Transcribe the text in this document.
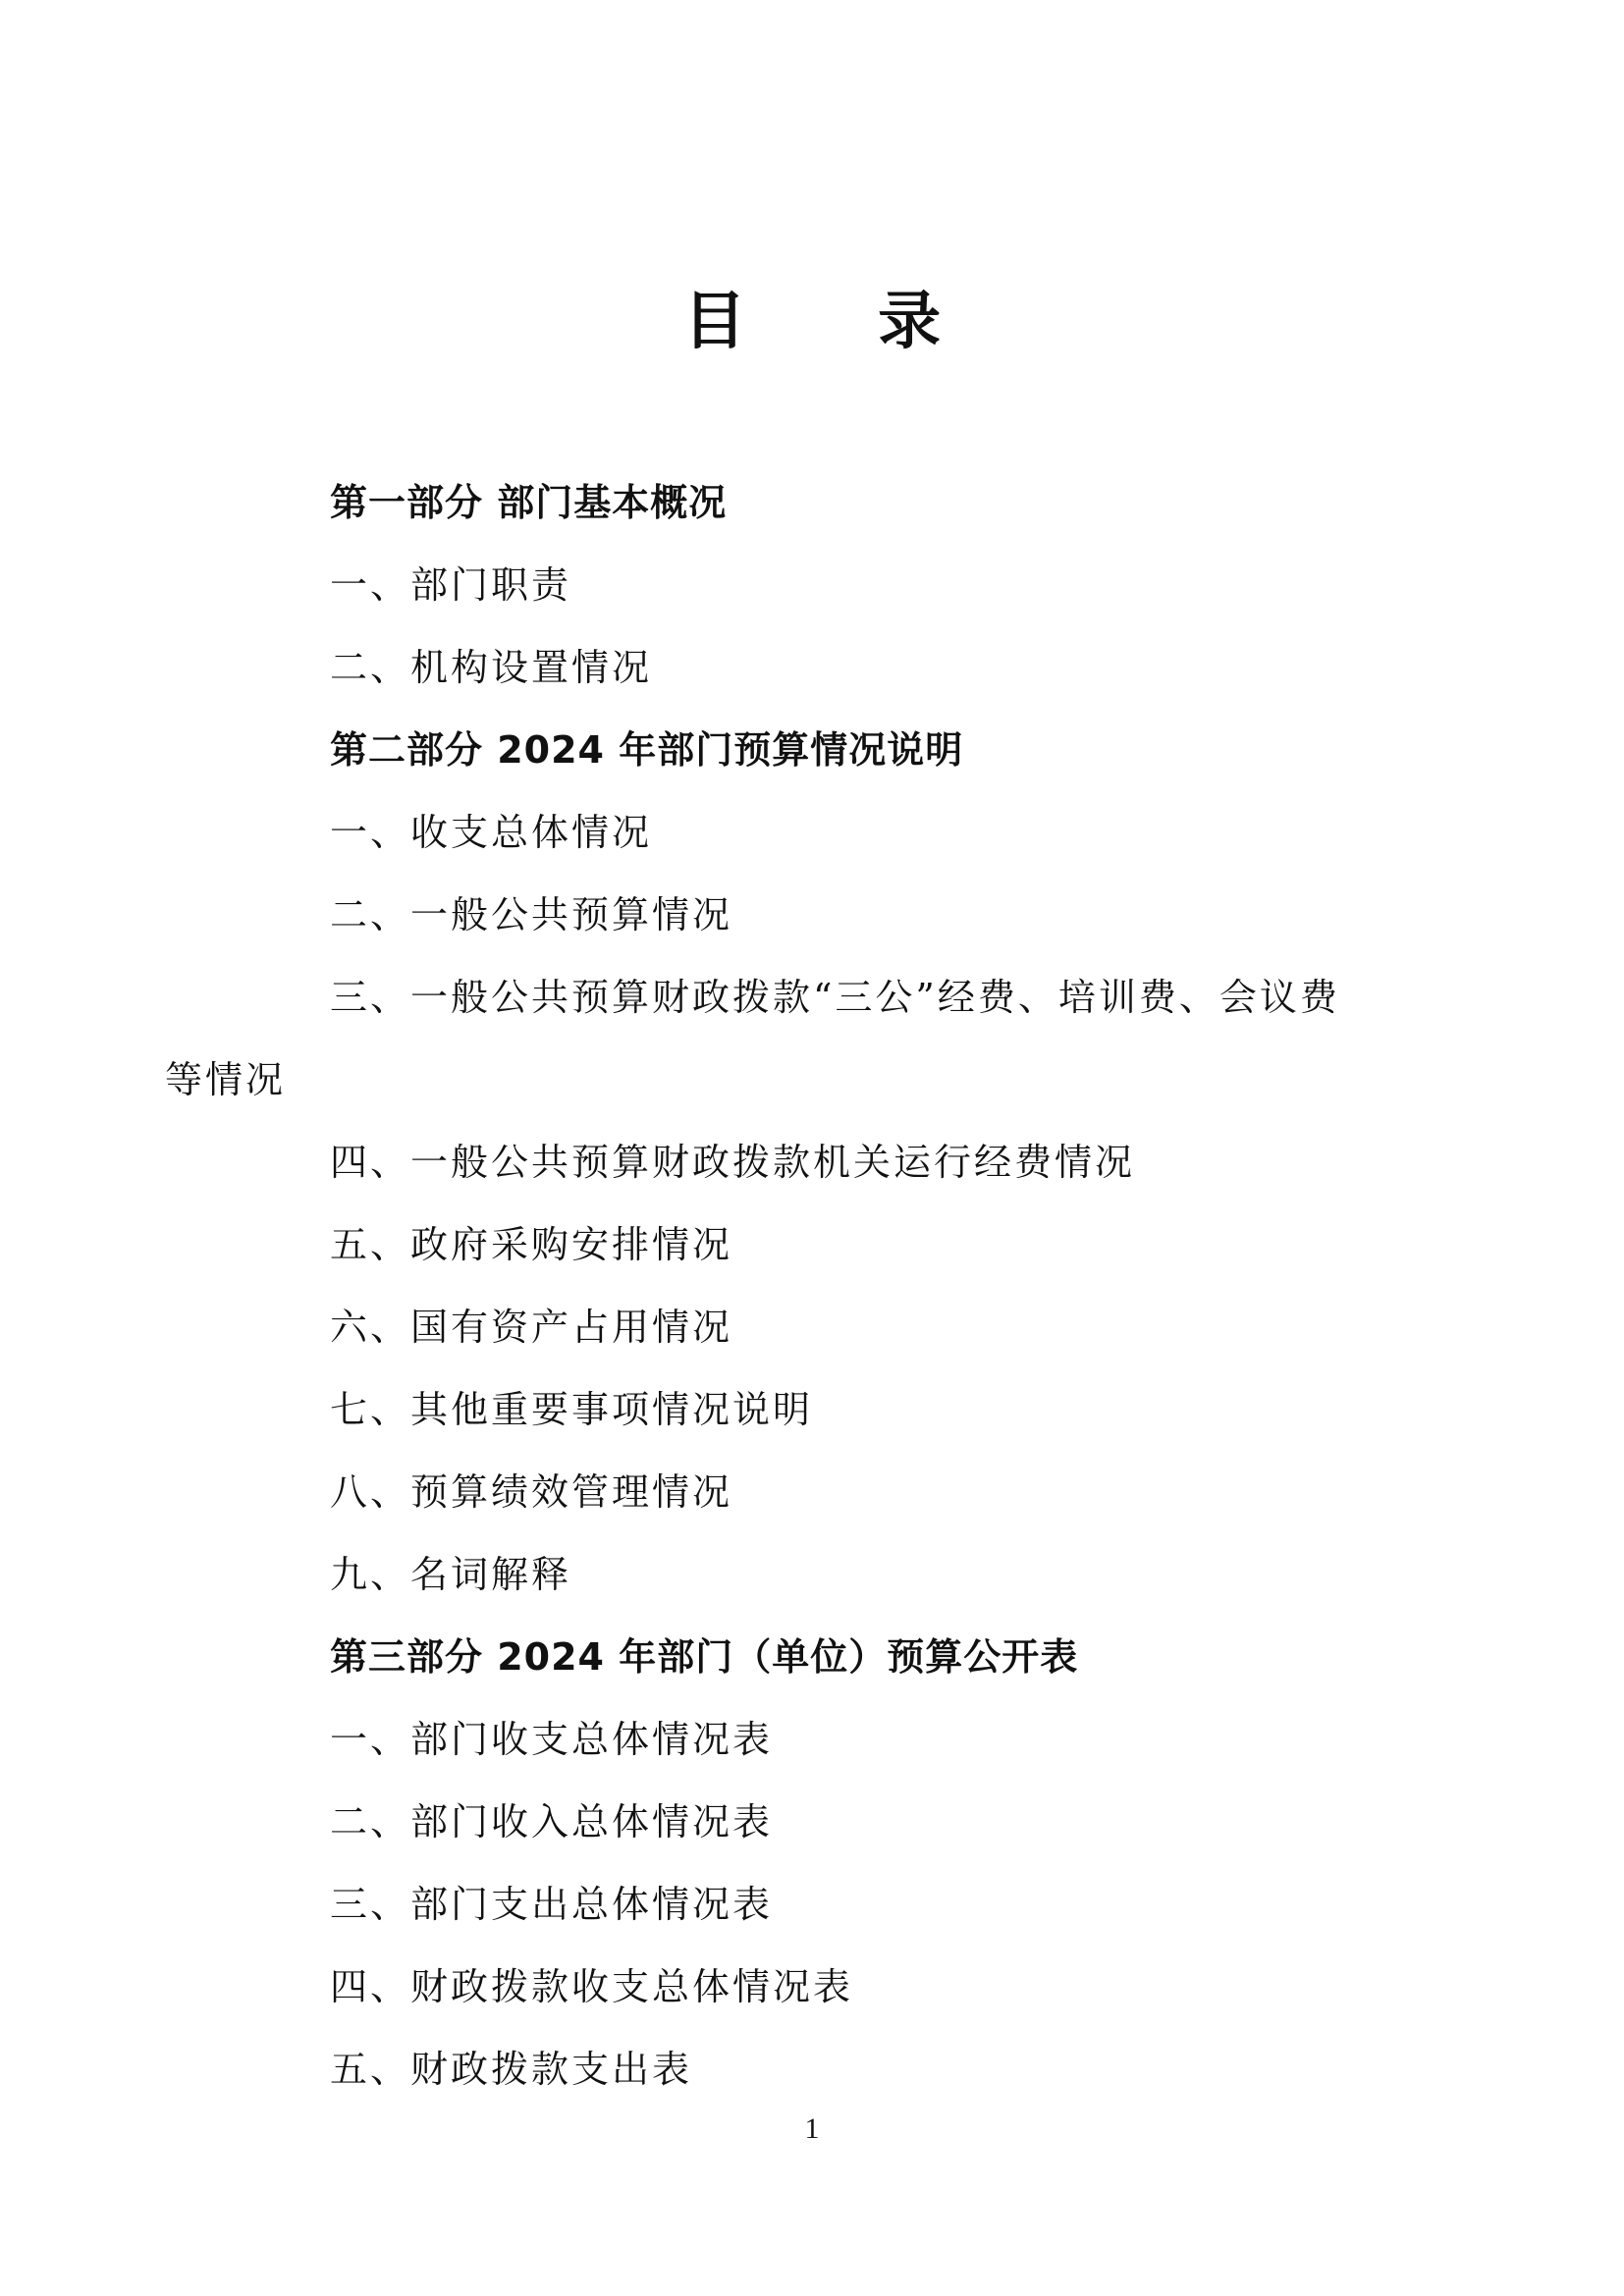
目 录
第一部分 部门基本概况
一、部门职责
二、机构设置情况
第二部分 2024 年部门预算情况说明
一、收支总体情况
二、一般公共预算情况
三、一般公共预算财政拨款“三公”经费、培训费、会议费
等情况
四、一般公共预算财政拨款机关运行经费情况
五、政府采购安排情况
六、国有资产占用情况
七、其他重要事项情况说明
八、预算绩效管理情况
九、名词解释
第三部分 2024 年部门（单位）预算公开表
一、部门收支总体情况表
二、部门收入总体情况表
三、部门支出总体情况表
四、财政拨款收支总体情况表
五、财政拨款支出表
1
